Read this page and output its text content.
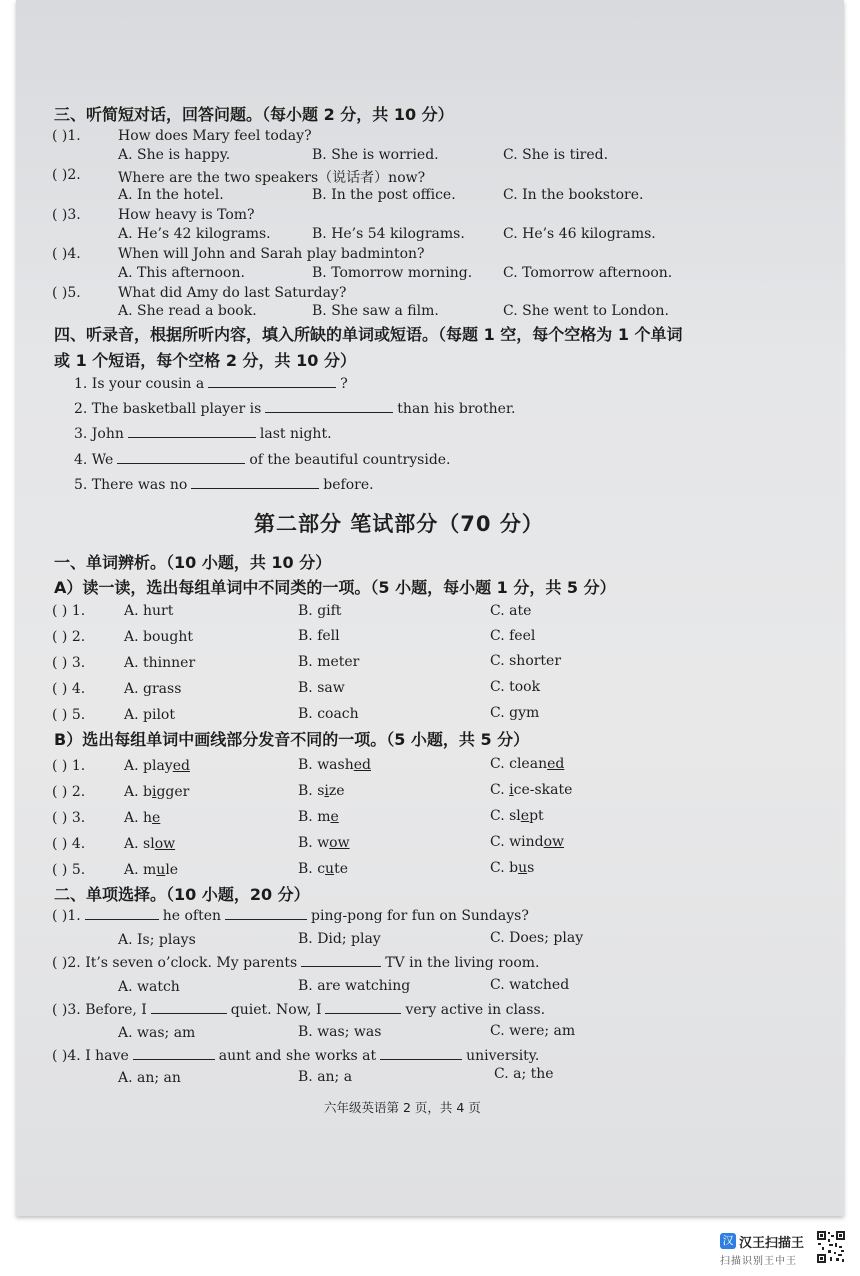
三、听简短对话，回答问题。（每小题 2 分，共 10 分）
( )1.	How does Mary feel today?
A. She is happy.	B. She is worried.	C. She is tired.
( )2.	Where are the two speakers（说话者）now?
A. In the hotel.	B. In the post office.	C. In the bookstore.
( )3.	How heavy is Tom?
A. He’s 42 kilograms.	B. He’s 54 kilograms.	C. He’s 46 kilograms.
( )4.	When will John and Sarah play badminton?
A. This afternoon.	B. Tomorrow morning. C. Tomorrow afternoon.
( )5.	What did Amy do last Saturday?
A. She read a book.	B. She saw a film.	C. She went to London.
四、听录音，根据所听内容，填入所缺的单词或短语。（每题 1 空，每个空格为 1 个单词
或 1 个短语，每个空格 2 分，共 10 分）
1. Is your cousin a	?
2. The basketball player is	than his brother.
3. John	last night.
4. We	of the beautiful countryside.
5. There was no	before.
第二部分 笔试部分（70 分）
一、单词辨析。（10 小题，共 10 分）
A）读一读，选出每组单词中不同类的一项。（5 小题，每小题 1 分，共 5 分）
( ) 1.	A. hurt	B. gift	C. ate
( ) 2.	A. bought	B. fell	C. feel
( ) 3.	A. thinner	B. meter	C. shorter
( ) 4.	A. grass	B. saw	C. took
( ) 5.	A. pilot	B. coach	C. gym
B）选出每组单词中画线部分发音不同的一项。（5 小题，共 5 分）
( ) 1.	A. played	B. washed	C. cleaned
( ) 2.	A. bigger	B. size	C. ice-skate
( ) 3.	A. he	B. me	C. slept
( ) 4.	A. slow	B. wow	C. window
( ) 5.	A. mule	B. cute	C. bus
二、单项选择。（10 小题，20 分）
( )1.	he often	ping-pong for fun on Sundays?
A. Is; plays	B. Did; play	C. Does; play
( )2. It’s seven o’clock. My parents	TV in the living room.
A. watch	B. are watching	C. watched
( )3. Before, I	quiet. Now, I	very active in class.
A. was; am	B. was; was	C. were; am
( )4. I have	aunt and she works at	university.
A. an; an	B. an; a	C. a; the
六年级英语第 2 页，共 4 页
汉 汉王扫描王
扫描识别王中王
